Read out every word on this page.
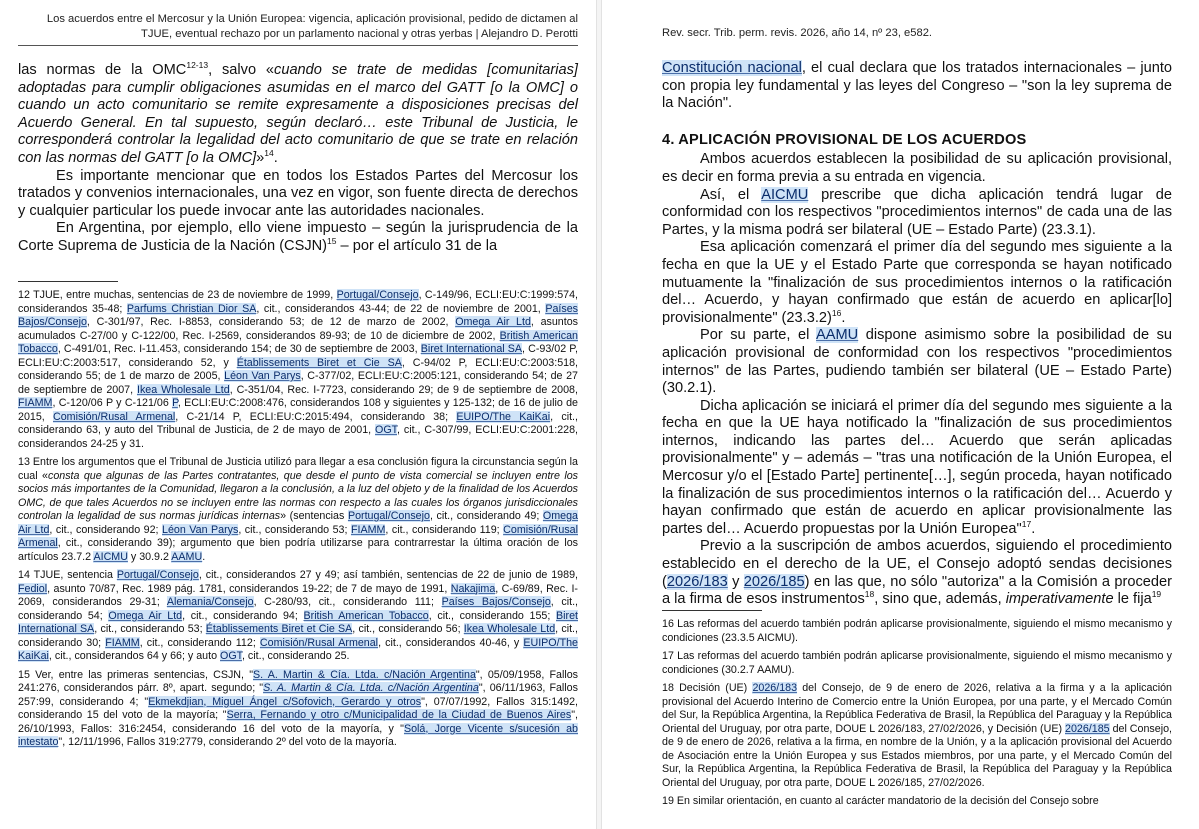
Los acuerdos entre el Mercosur y la Unión Europea: vigencia, aplicación provisional, pedido de dictamen al TJUE, eventual rechazo por un parlamento nacional y otras yerbas | Alejandro D. Perotti

las normas de la OMC$^{12-13}$, salvo «cuando se trate de medidas [comunitarias] adoptadas para cumplir obligaciones asumidas en el marco del GATT [o la OMC] o cuando un acto comunitario se remite expresamente a disposiciones precisas del Acuerdo General. En tal supuesto, según declaró… este Tribunal de Justicia, le corresponderá controlar la legalidad del acto comunitario de que se trate en relación con las normas del GATT [o la OMC]»$^{14}$.

Es importante mencionar que en todos los Estados Partes del Mercosur los tratados y convenios internacionales, una vez en vigor, son fuente directa de derechos y cualquier particular los puede invocar ante las autoridades nacionales.

En Argentina, por ejemplo, ello viene impuesto – según la jurisprudencia de la Corte Suprema de Justicia de la Nación (CSJN)$^{15}$ – por el artículo 31 de la

12 TJUE, entre muchas, sentencias de 23 de noviembre de 1999, Portugal/Consejo, C-149/96, ECLI:EU:C:1999:574, considerandos 35-48; Parfums Christian Dior SA, cit., considerandos 43-44; de 22 de noviembre de 2001, Países Bajos/Consejo, C-301/97, Rec. I-8853, considerando 53; de 12 de marzo de 2002, Omega Air Ltd, asuntos acumulados C-27/00 y C-122/00, Rec. I-2569, considerandos 89-93; de 10 de diciembre de 2002, British American Tobacco, C-491/01, Rec. I-11.453, considerando 154; de 30 de septiembre de 2003, Biret International SA, C-93/02 P, ECLI:EU:C:2003:517, considerando 52, y Établissements Biret et Cie SA, C-94/02 P, ECLI:EU:C:2003:518, considerando 55; de 1 de marzo de 2005, Léon Van Parys, C-377/02, ECLI:EU:C:2005:121, considerando 54; de 27 de septiembre de 2007, Ikea Wholesale Ltd, C-351/04, Rec. I-7723, considerando 29; de 9 de septiembre de 2008, FIAMM, C-120/06 P y C-121/06 P, ECLI:EU:C:2008:476, considerandos 108 y siguientes y 125-132; de 16 de julio de 2015, Comisión/Rusal Armenal, C-21/14 P, ECLI:EU:C:2015:494, considerando 38; EUIPO/The KaiKai, cit., considerando 63, y auto del Tribunal de Justicia, de 2 de mayo de 2001, OGT, cit., C-307/99, ECLI:EU:C:2001:228, considerandos 24-25 y 31.

13 Entre los argumentos que el Tribunal de Justicia utilizó para llegar a esa conclusión figura la circunstancia según la cual «consta que algunas de las Partes contratantes, que desde el punto de vista comercial se incluyen entre los socios más importantes de la Comunidad, llegaron a la conclusión, a la luz del objeto y de la finalidad de los Acuerdos OMC, de que tales Acuerdos no se incluyen entre las normas con respecto a las cuales los órganos jurisdiccionales controlan la legalidad de sus normas jurídicas internas» (sentencias Portugal/Consejo, cit., considerando 49; Omega Air Ltd, cit., considerando 92; Léon Van Parys, cit., considerando 53; FIAMM, cit., considerando 119; Comisión/Rusal Armenal, cit., considerando 39); argumento que bien podría utilizarse para contrarrestar la última oración de los artículos 23.7.2 AICMU y 30.9.2 AAMU.

14 TJUE, sentencia Portugal/Consejo, cit., considerandos 27 y 49; así también, sentencias de 22 de junio de 1989, Fediol, asunto 70/87, Rec. 1989 pág. 1781, considerandos 19-22; de 7 de mayo de 1991, Nakajima, C-69/89, Rec. I-2069, considerandos 29-31; Alemania/Consejo, C-280/93, cit., considerando 111; Países Bajos/Consejo, cit., considerando 54; Omega Air Ltd, cit., considerando 94; British American Tobacco, cit., considerando 155; Biret International SA, cit., considerando 53; Établissements Biret et Cie SA, cit., considerando 56; Ikea Wholesale Ltd, cit., considerando 30; FIAMM, cit., considerando 112; Comisión/Rusal Armenal, cit., considerandos 40-46, y EUIPO/The KaiKai, cit., considerandos 64 y 66; y auto OGT, cit., considerando 25.

15 Ver, entre las primeras sentencias, CSJN, "S. A. Martin & Cía. Ltda. c/Nación Argentina", 05/09/1958, Fallos 241:276, considerandos párr. 8º, apart. segundo; "S. A. Martin & Cía. Ltda. c/Nación Argentina", 06/11/1963, Fallos 257:99, considerando 4; "Ekmekdjian, Miguel Ángel c/Sofovich, Gerardo y otros", 07/07/1992, Fallos 315:1492, considerando 15 del voto de la mayoría; "Serra, Fernando y otro c/Municipalidad de la Ciudad de Buenos Aires", 26/10/1993, Fallos: 316:2454, considerando 16 del voto de la mayoría, y "Solá, Jorge Vicente s/sucesión ab intestato", 12/11/1996, Fallos 319:2779, considerando 2º del voto de la mayoría.

Rev. secr. Trib. perm. revis. 2026, año 14, nº 23, e582.

Constitución nacional, el cual declara que los tratados internacionales – junto con propia ley fundamental y las leyes del Congreso – "son la ley suprema de la Nación".

4. APLICACIÓN PROVISIONAL DE LOS ACUERDOS

Ambos acuerdos establecen la posibilidad de su aplicación provisional, es decir en forma previa a su entrada en vigencia.

Así, el AICMU prescribe que dicha aplicación tendrá lugar de conformidad con los respectivos "procedimientos internos" de cada una de las Partes, y la misma podrá ser bilateral (UE – Estado Parte) (23.3.1).

Esa aplicación comenzará el primer día del segundo mes siguiente a la fecha en que la UE y el Estado Parte que corresponda se hayan notificado mutuamente la "finalización de sus procedimientos internos o la ratificación del… Acuerdo, y hayan confirmado que están de acuerdo en aplicar[lo] provisionalmente" $(23.3.2)^{16}$.

Por su parte, el AAMU dispone asimismo sobre la posibilidad de su aplicación provisional de conformidad con los respectivos "procedimientos internos" de las Partes, pudiendo también ser bilateral (UE – Estado Parte) (30.2.1).

Dicha aplicación se iniciará el primer día del segundo mes siguiente a la fecha en que la UE haya notificado la "finalización de sus procedimientos internos, indicando las partes del… Acuerdo que serán aplicadas provisionalmente" y – además – "tras una notificación de la Unión Europea, el Mercosur y/o el [Estado Parte] pertinente[…], según proceda, hayan notificado la finalización de sus procedimientos internos o la ratificación del… Acuerdo y hayan confirmado que están de acuerdo en aplicar provisionalmente las partes del… Acuerdo propuestas por la Unión Europea"$^{17}$.

Previo a la suscripción de ambos acuerdos, siguiendo el procedimiento establecido en el derecho de la UE, el Consejo adoptó sendas decisiones (2026/183 y 2026/185) en las que, no sólo "autoriza" a la Comisión a proceder a la firma de esos instrumentos$^{18}$, sino que, además, imperativamente le fija$^{19}$

16 Las reformas del acuerdo también podrán aplicarse provisionalmente, siguiendo el mismo mecanismo y condiciones (23.3.5 AICMU).

17 Las reformas del acuerdo también podrán aplicarse provisionalmente, siguiendo el mismo mecanismo y condiciones (30.2.7 AAMU).

18 Decisión (UE) 2026/183 del Consejo, de 9 de enero de 2026, relativa a la firma y a la aplicación provisional del Acuerdo Interino de Comercio entre la Unión Europea, por una parte, y el Mercado Común del Sur, la República Argentina, la República Federativa de Brasil, la República del Paraguay y la República Oriental del Uruguay, por otra parte, DOUE L 2026/183, 27/02/2026, y Decisión (UE) 2026/185 del Consejo, de 9 de enero de 2026, relativa a la firma, en nombre de la Unión, y a la aplicación provisional del Acuerdo de Asociación entre la Unión Europea y sus Estados miembros, por una parte, y el Mercado Común del Sur, la República Argentina, la República Federativa de Brasil, la República del Paraguay y la República Oriental del Uruguay, por otra parte, DOUE L 2026/185, 27/02/2026.

19 En similar orientación, en cuanto al carácter mandatorio de la decisión del Consejo sobre
